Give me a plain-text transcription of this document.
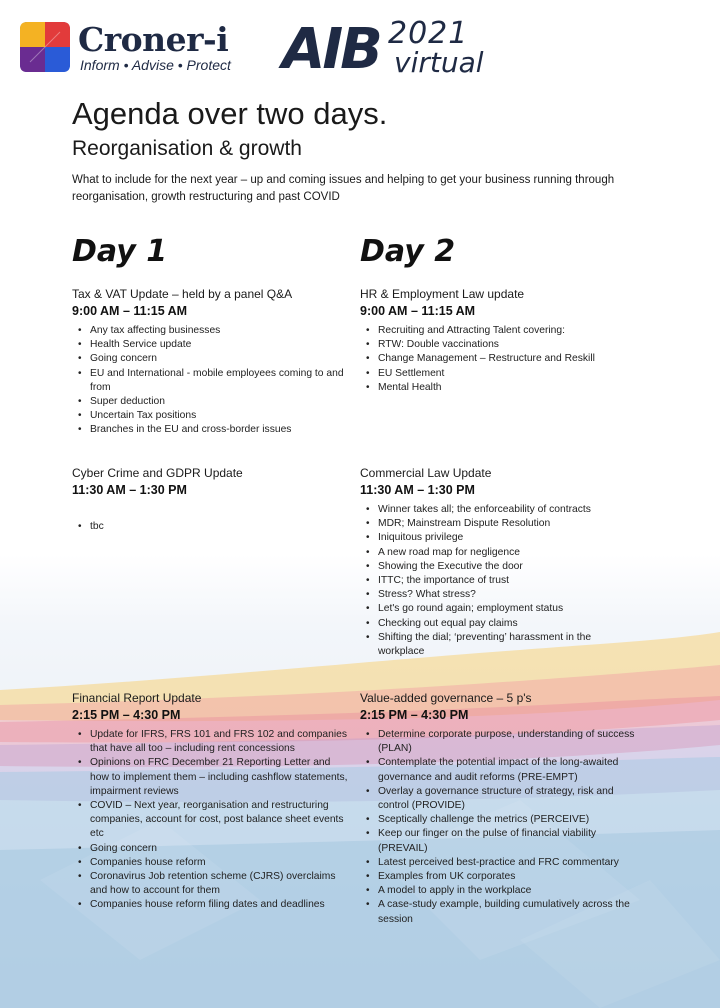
Croner-i
Inform • Advise • Protect AIB 2021
virtual
Agenda over two days.
Reorganisation & growth

What to include for the next year – up and coming issues and helping to get your business running through reorganisation, growth restructuring and past COVID

Day 1
Tax & VAT Update – held by a panel Q&A
9:00 AM – 11:15 AM
• Any tax affecting businesses
• Health Service update
• Going concern
• EU and International - mobile employees coming to and from
• Super deduction
• Uncertain Tax positions
• Branches in the EU and cross-border issues
Cyber Crime and GDPR Update
11:30 AM – 1:30 PM
• tbc
Financial Report Update
2:15 PM – 4:30 PM
• Update for IFRS, FRS 101 and FRS 102 and companies that have all too – including rent concessions
• Opinions on FRC December 21 Reporting Letter and how to implement them – including cashflow statements, impairment reviews
• COVID – Next year, reorganisation and restructuring companies, account for cost, post balance sheet events etc
• Going concern
• Companies house reform
• Coronavirus Job retention scheme (CJRS) overclaims and how to account for them
• Companies house reform filing dates and deadlines
Day 2
HR & Employment Law update
9:00 AM – 11:15 AM
• Recruiting and Attracting Talent covering:
• RTW: Double vaccinations
• Change Management – Restructure and Reskill
• EU Settlement
• Mental Health
Commercial Law Update
11:30 AM – 1:30 PM
• Winner takes all; the enforceability of contracts
• MDR; Mainstream Dispute Resolution
• Iniquitous privilege
• A new road map for negligence
• Showing the Executive the door
• ITTC; the importance of trust
• Stress? What stress?
• Let's go round again; employment status
• Checking out equal pay claims
• Shifting the dial; ‘preventing’ harassment in the workplace
Value-added governance – 5 p's
2:15 PM – 4:30 PM
• Determine corporate purpose, understanding of success (PLAN)
• Contemplate the potential impact of the long-awaited governance and audit reforms (PRE-EMPT)
• Overlay a governance structure of strategy, risk and control (PROVIDE)
• Sceptically challenge the metrics (PERCEIVE)
• Keep our finger on the pulse of financial viability (PREVAIL)
• Latest perceived best-practice and FRC commentary
• Examples from UK corporates
• A model to apply in the workplace
• A case-study example, building cumulatively across the session
